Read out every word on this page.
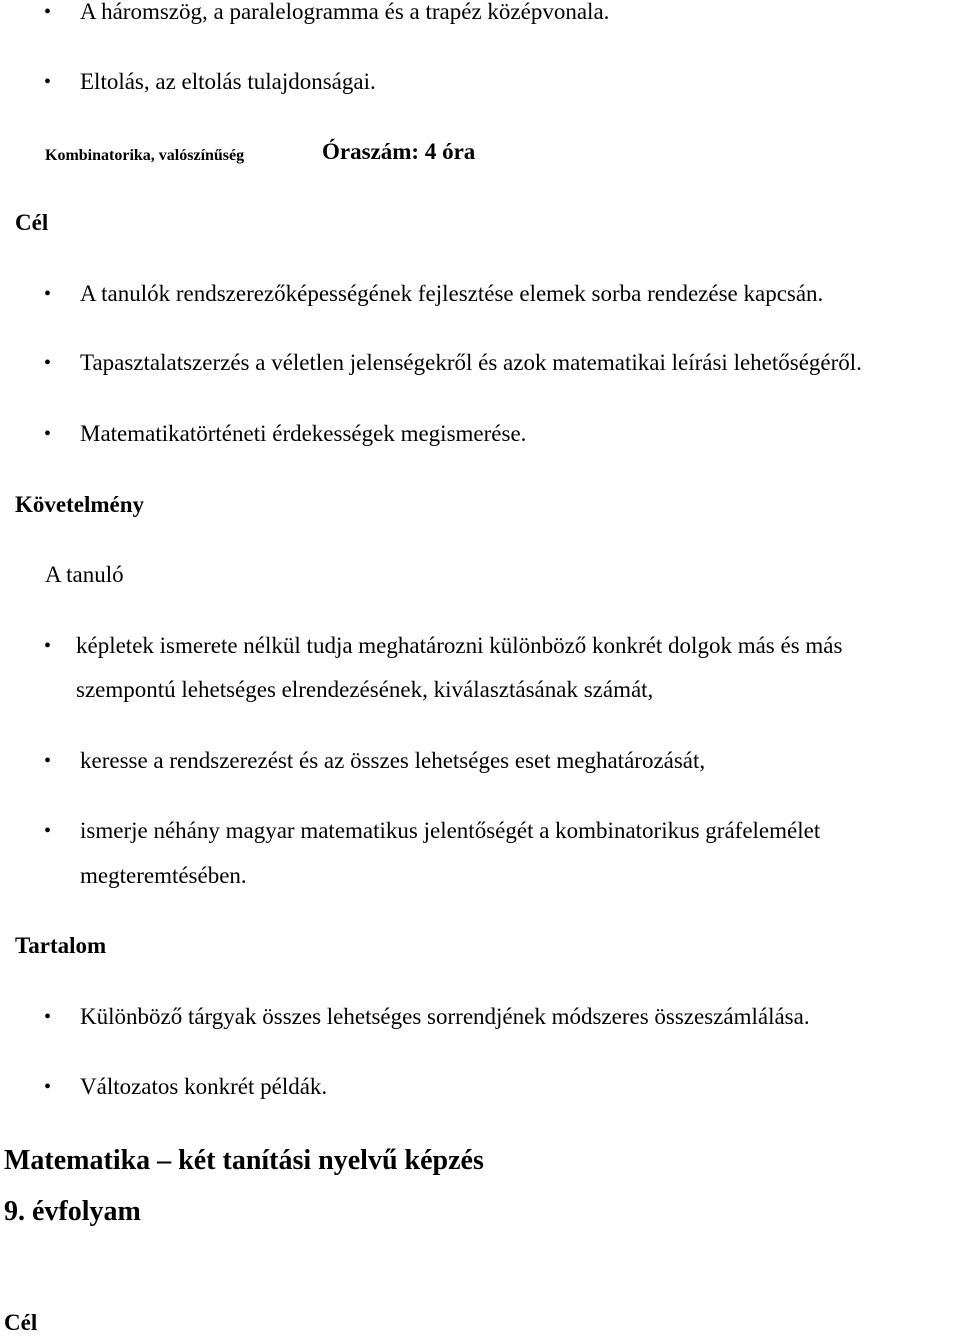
• A háromszög, a paralelogramma és a trapéz középvonala.
• Eltolás, az eltolás tulajdonságai.
Kombinatorika, valószínűség	Óraszám: 4 óra
Cél
• A tanulók rendszerezőképességének fejlesztése elemek sorba rendezése kapcsán.
• Tapasztalatszerzés a véletlen jelenségekről és azok matematikai leírási lehetőségéről.
• Matematikatörténeti érdekességek megismerése.
Követelmény
A tanuló
• képletek ismerete nélkül tudja meghatározni különböző konkrét dolgok más és más
szempontú lehetséges elrendezésének, kiválasztásának számát,
• keresse a rendszerezést és az összes lehetséges eset meghatározását,
• ismerje néhány magyar matematikus jelentőségét a kombinatorikus gráfelemélet
megteremtésében.
Tartalom
• Különböző tárgyak összes lehetséges sorrendjének módszeres összeszámlálása.
• Változatos konkrét példák.
Matematika – két tanítási nyelvű képzés
9. évfolyam
Cél
